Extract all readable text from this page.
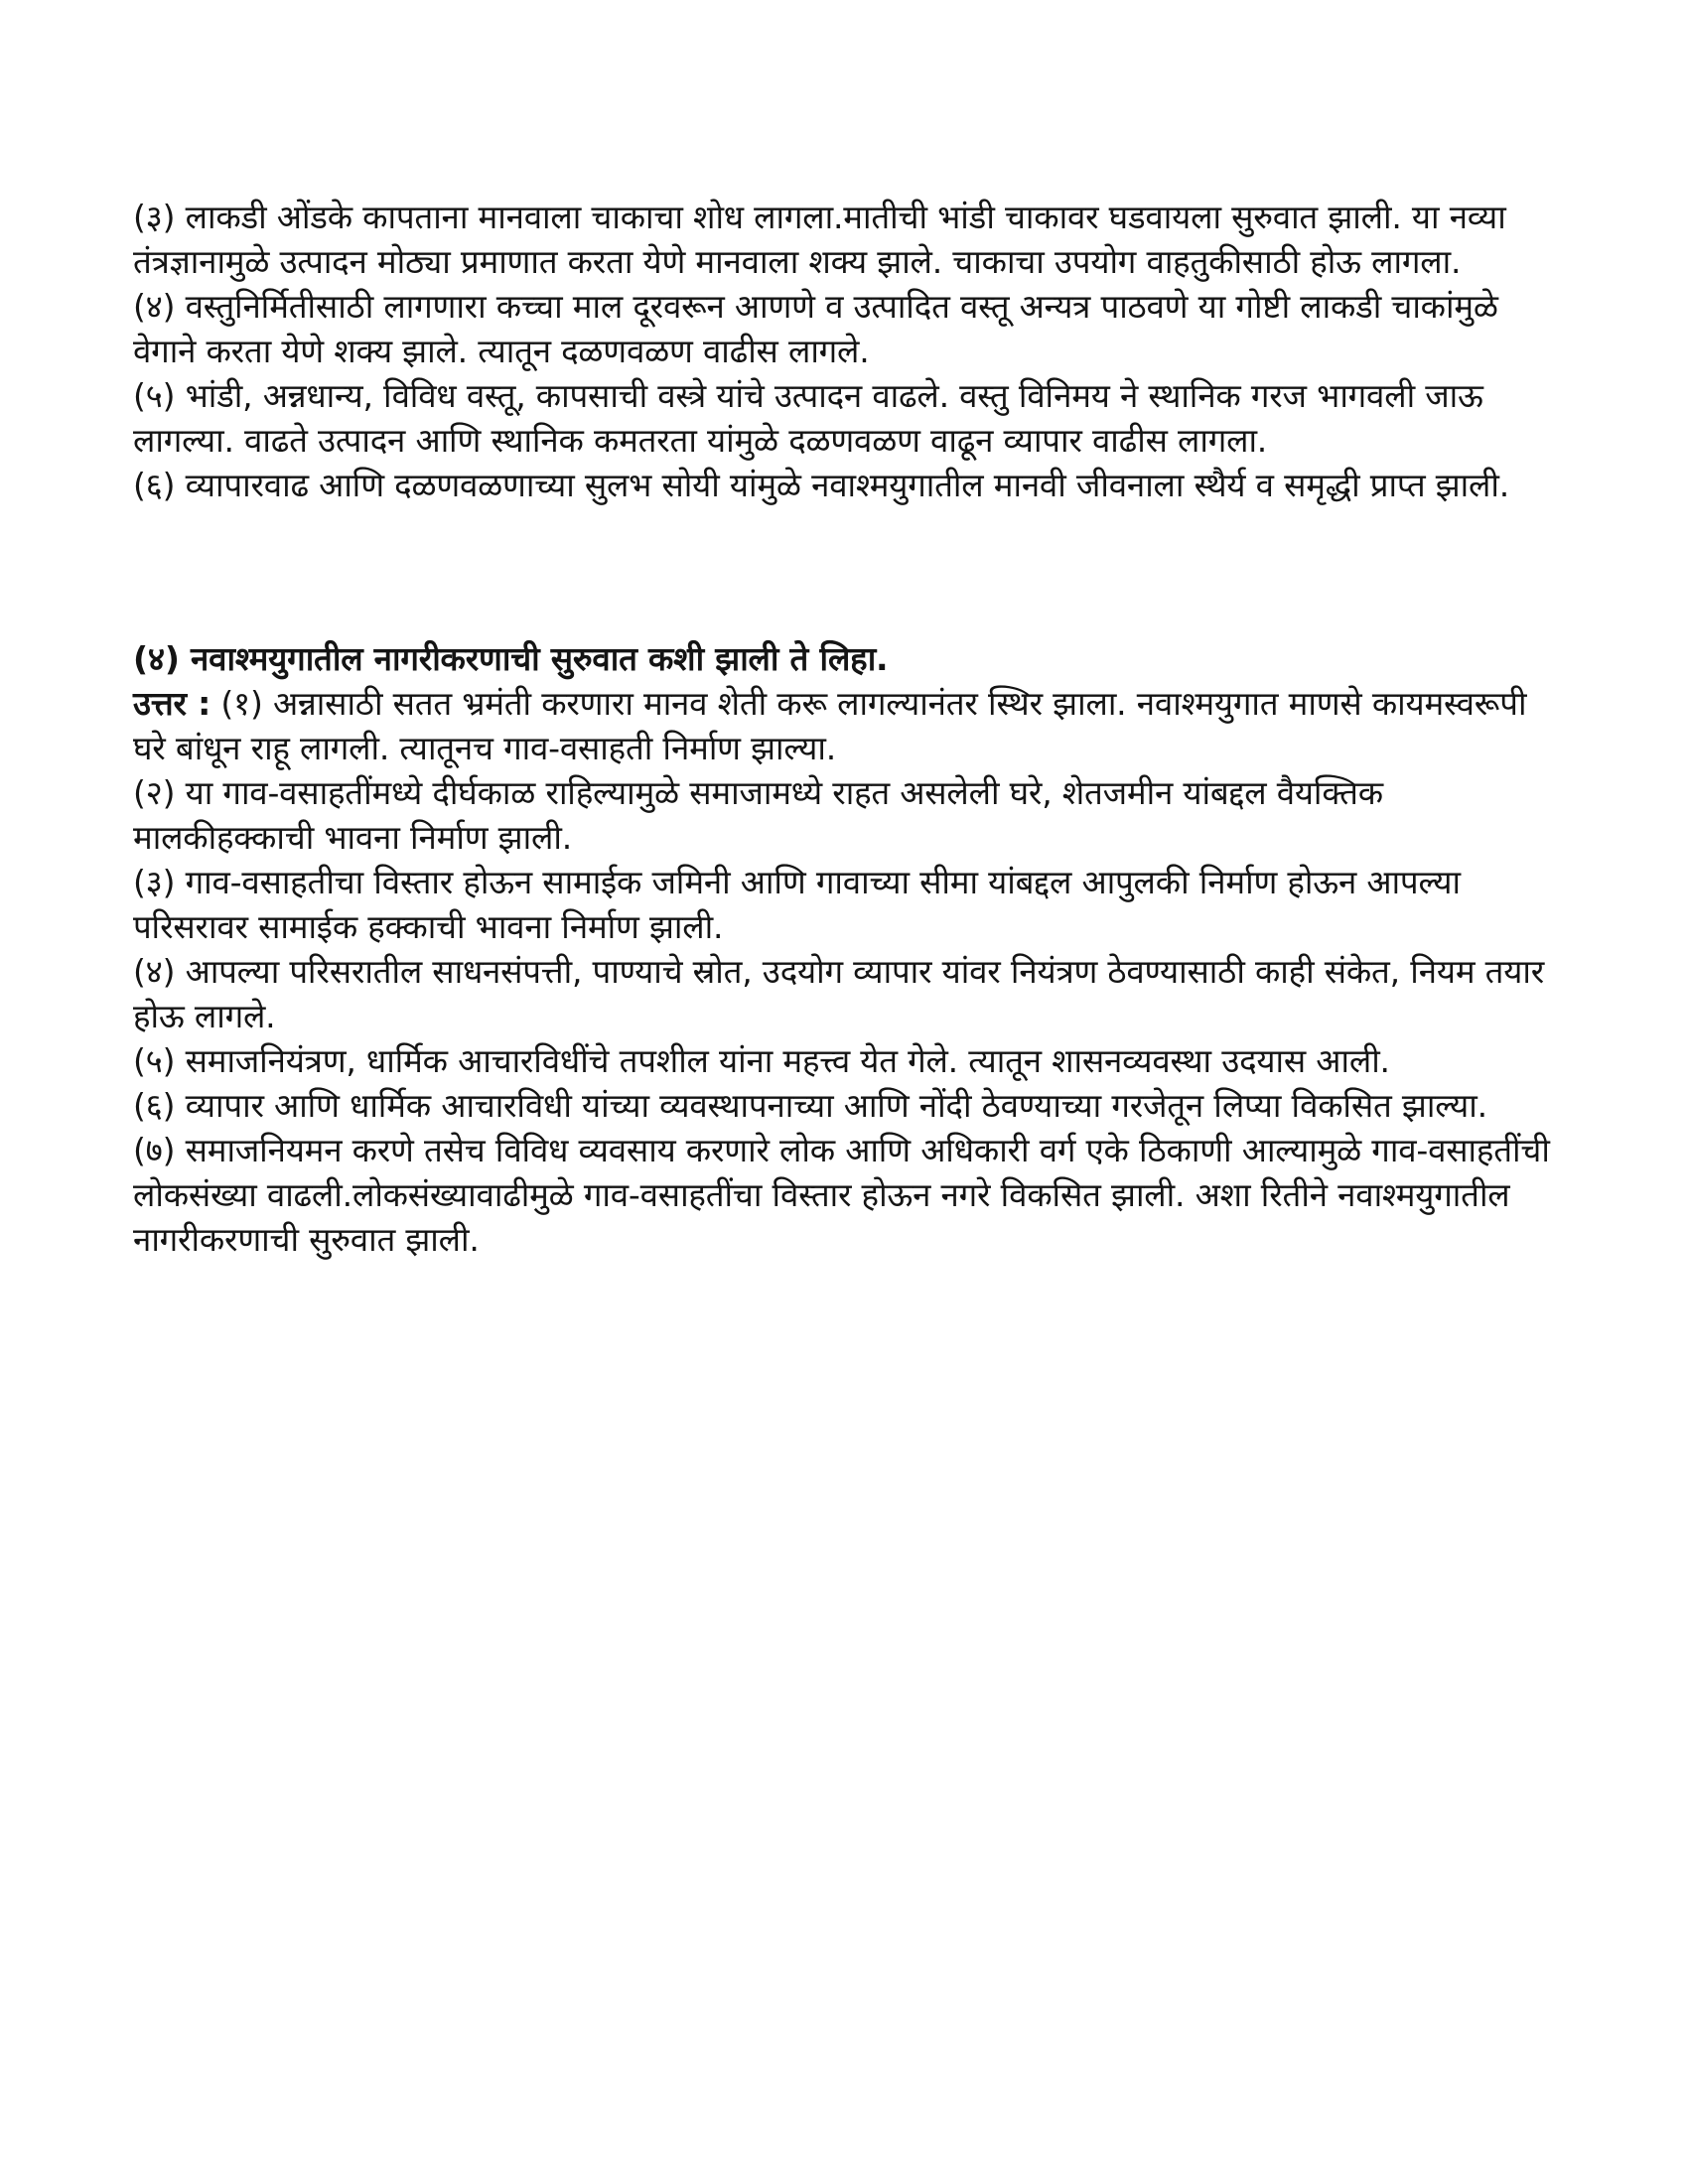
(३) लाकडी ओंडके कापताना मानवाला चाकाचा शोध लागला.मातीची भांडी चाकावर घडवायला सुरुवात झाली. या नव्या तंत्रज्ञानामुळे उत्पादन मोठ्या प्रमाणात करता येणे मानवाला शक्य झाले. चाकाचा उपयोग वाहतुकीसाठी होऊ लागला.

(४) वस्तुनिर्मितीसाठी लागणारा कच्चा माल दूरवरून आणणे व उत्पादित वस्तू अन्यत्र पाठवणे या गोष्टी लाकडी चाकांमुळे वेगाने करता येणे शक्य झाले. त्यातून दळणवळण वाढीस लागले.

(५) भांडी, अन्नधान्य, विविध वस्तू, कापसाची वस्त्रे यांचे उत्पादन वाढले. वस्तु विनिमय ने स्थानिक गरज भागवली जाऊ लागल्या. वाढते उत्पादन आणि स्थानिक कमतरता यांमुळे दळणवळण वाढून व्यापार वाढीस लागला.

(६) व्यापारवाढ आणि दळणवळणाच्या सुलभ सोयी यांमुळे नवाश्मयुगातील मानवी जीवनाला स्थैर्य व समृद्धी प्राप्त झाली.

(४) नवाश्मयुगातील नागरीकरणाची सुरुवात कशी झाली ते लिहा.

उत्तर : (१) अन्नासाठी सतत भ्रमंती करणारा मानव शेती करू लागल्यानंतर स्थिर झाला. नवाश्मयुगात माणसे कायमस्वरूपी घरे बांधून राहू लागली. त्यातूनच गाव-वसाहती निर्माण झाल्या.

(२) या गाव-वसाहतींमध्ये दीर्घकाळ राहिल्यामुळे समाजामध्ये राहत असलेली घरे, शेतजमीन यांबद्दल वैयक्तिक मालकीहक्काची भावना निर्माण झाली.

(३) गाव-वसाहतीचा विस्तार होऊन सामाईक जमिनी आणि गावाच्या सीमा यांबद्दल आपुलकी निर्माण होऊन आपल्या परिसरावर सामाईक हक्काची भावना निर्माण झाली.

(४) आपल्या परिसरातील साधनसंपत्ती, पाण्याचे स्रोत, उदयोग व्यापार यांवर नियंत्रण ठेवण्यासाठी काही संकेत, नियम तयार होऊ लागले.

(५) समाजनियंत्रण, धार्मिक आचारविधींचे तपशील यांना महत्त्व येत गेले. त्यातून शासनव्यवस्था उदयास आली.

(६) व्यापार आणि धार्मिक आचारविधी यांच्या व्यवस्थापनाच्या आणि नोंदी ठेवण्याच्या गरजेतून लिप्या विकसित झाल्या.

(७) समाजनियमन करणे तसेच विविध व्यवसाय करणारे लोक आणि अधिकारी वर्ग एके ठिकाणी आल्यामुळे गाव-वसाहतींची लोकसंख्या वाढली.लोकसंख्यावाढीमुळे गाव-वसाहतींचा विस्तार होऊन नगरे विकसित झाली. अशा रितीने नवाश्मयुगातील नागरीकरणाची सुरुवात झाली.
